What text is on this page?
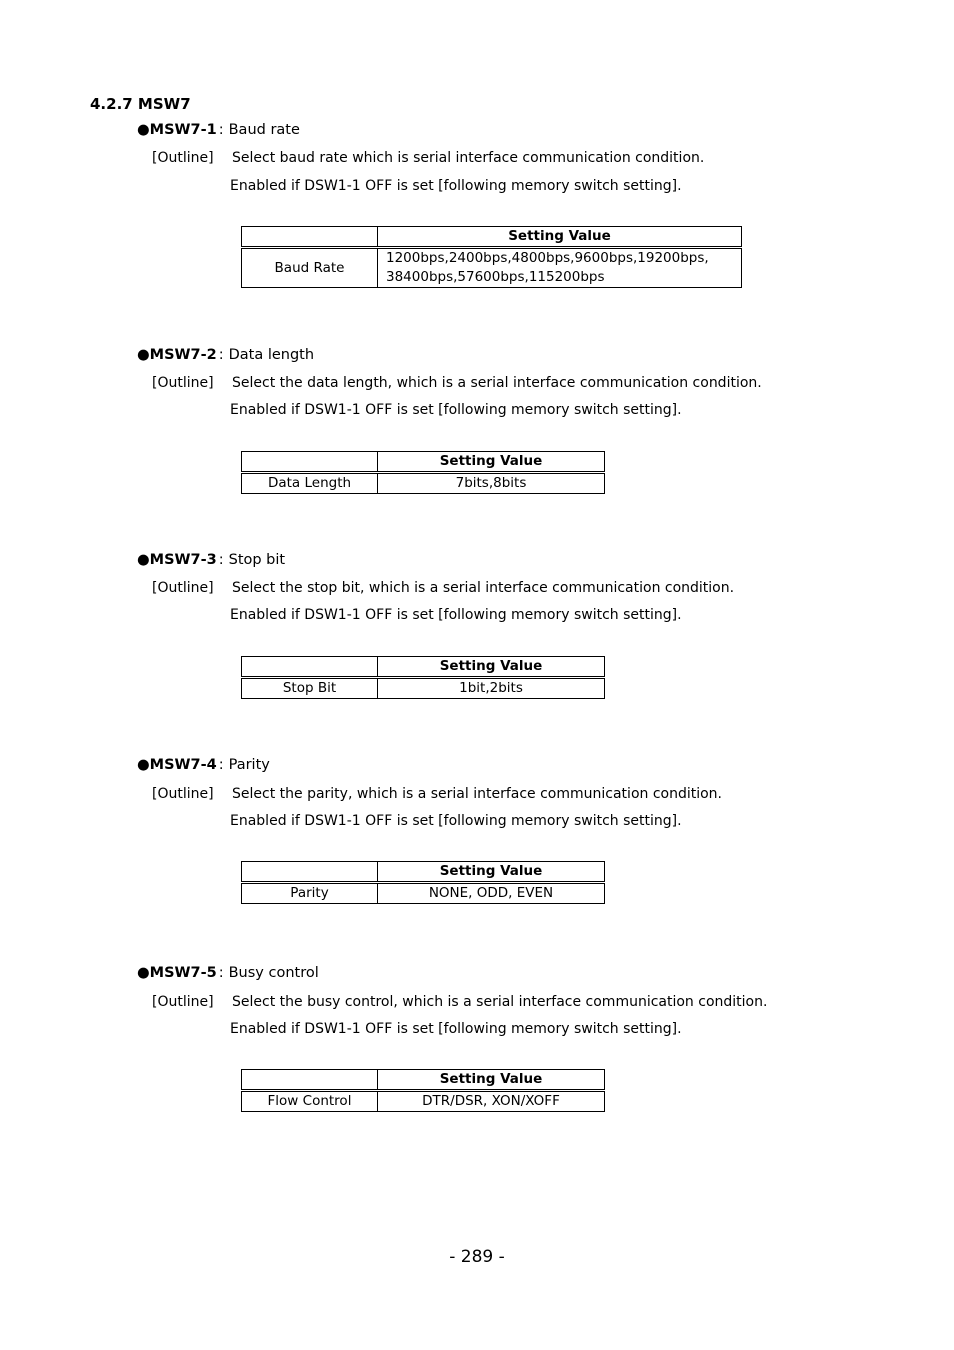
4.2.7 MSW7
●MSW7-1 : Baud rate
[Outline] Select baud rate which is serial interface communication condition.
Enabled if DSW1-1 OFF is set [following memory switch setting].
	Setting Value
Baud Rate	1200bps,2400bps,4800bps,9600bps,19200bps,
38400bps,57600bps,115200bps
●MSW7-2 : Data length
[Outline] Select the data length, which is a serial interface communication condition.
Enabled if DSW1-1 OFF is set [following memory switch setting].
	Setting Value
Data Length	7bits,8bits
●MSW7-3 : Stop bit
[Outline] Select the stop bit, which is a serial interface communication condition.
Enabled if DSW1-1 OFF is set [following memory switch setting].
	Setting Value
Stop Bit	1bit,2bits
●MSW7-4 : Parity
[Outline] Select the parity, which is a serial interface communication condition.
Enabled if DSW1-1 OFF is set [following memory switch setting].
	Setting Value
Parity	NONE, ODD, EVEN
●MSW7-5 : Busy control
[Outline] Select the busy control, which is a serial interface communication condition.
Enabled if DSW1-1 OFF is set [following memory switch setting].
	Setting Value
Flow Control	DTR/DSR, XON/XOFF
- 289 -
